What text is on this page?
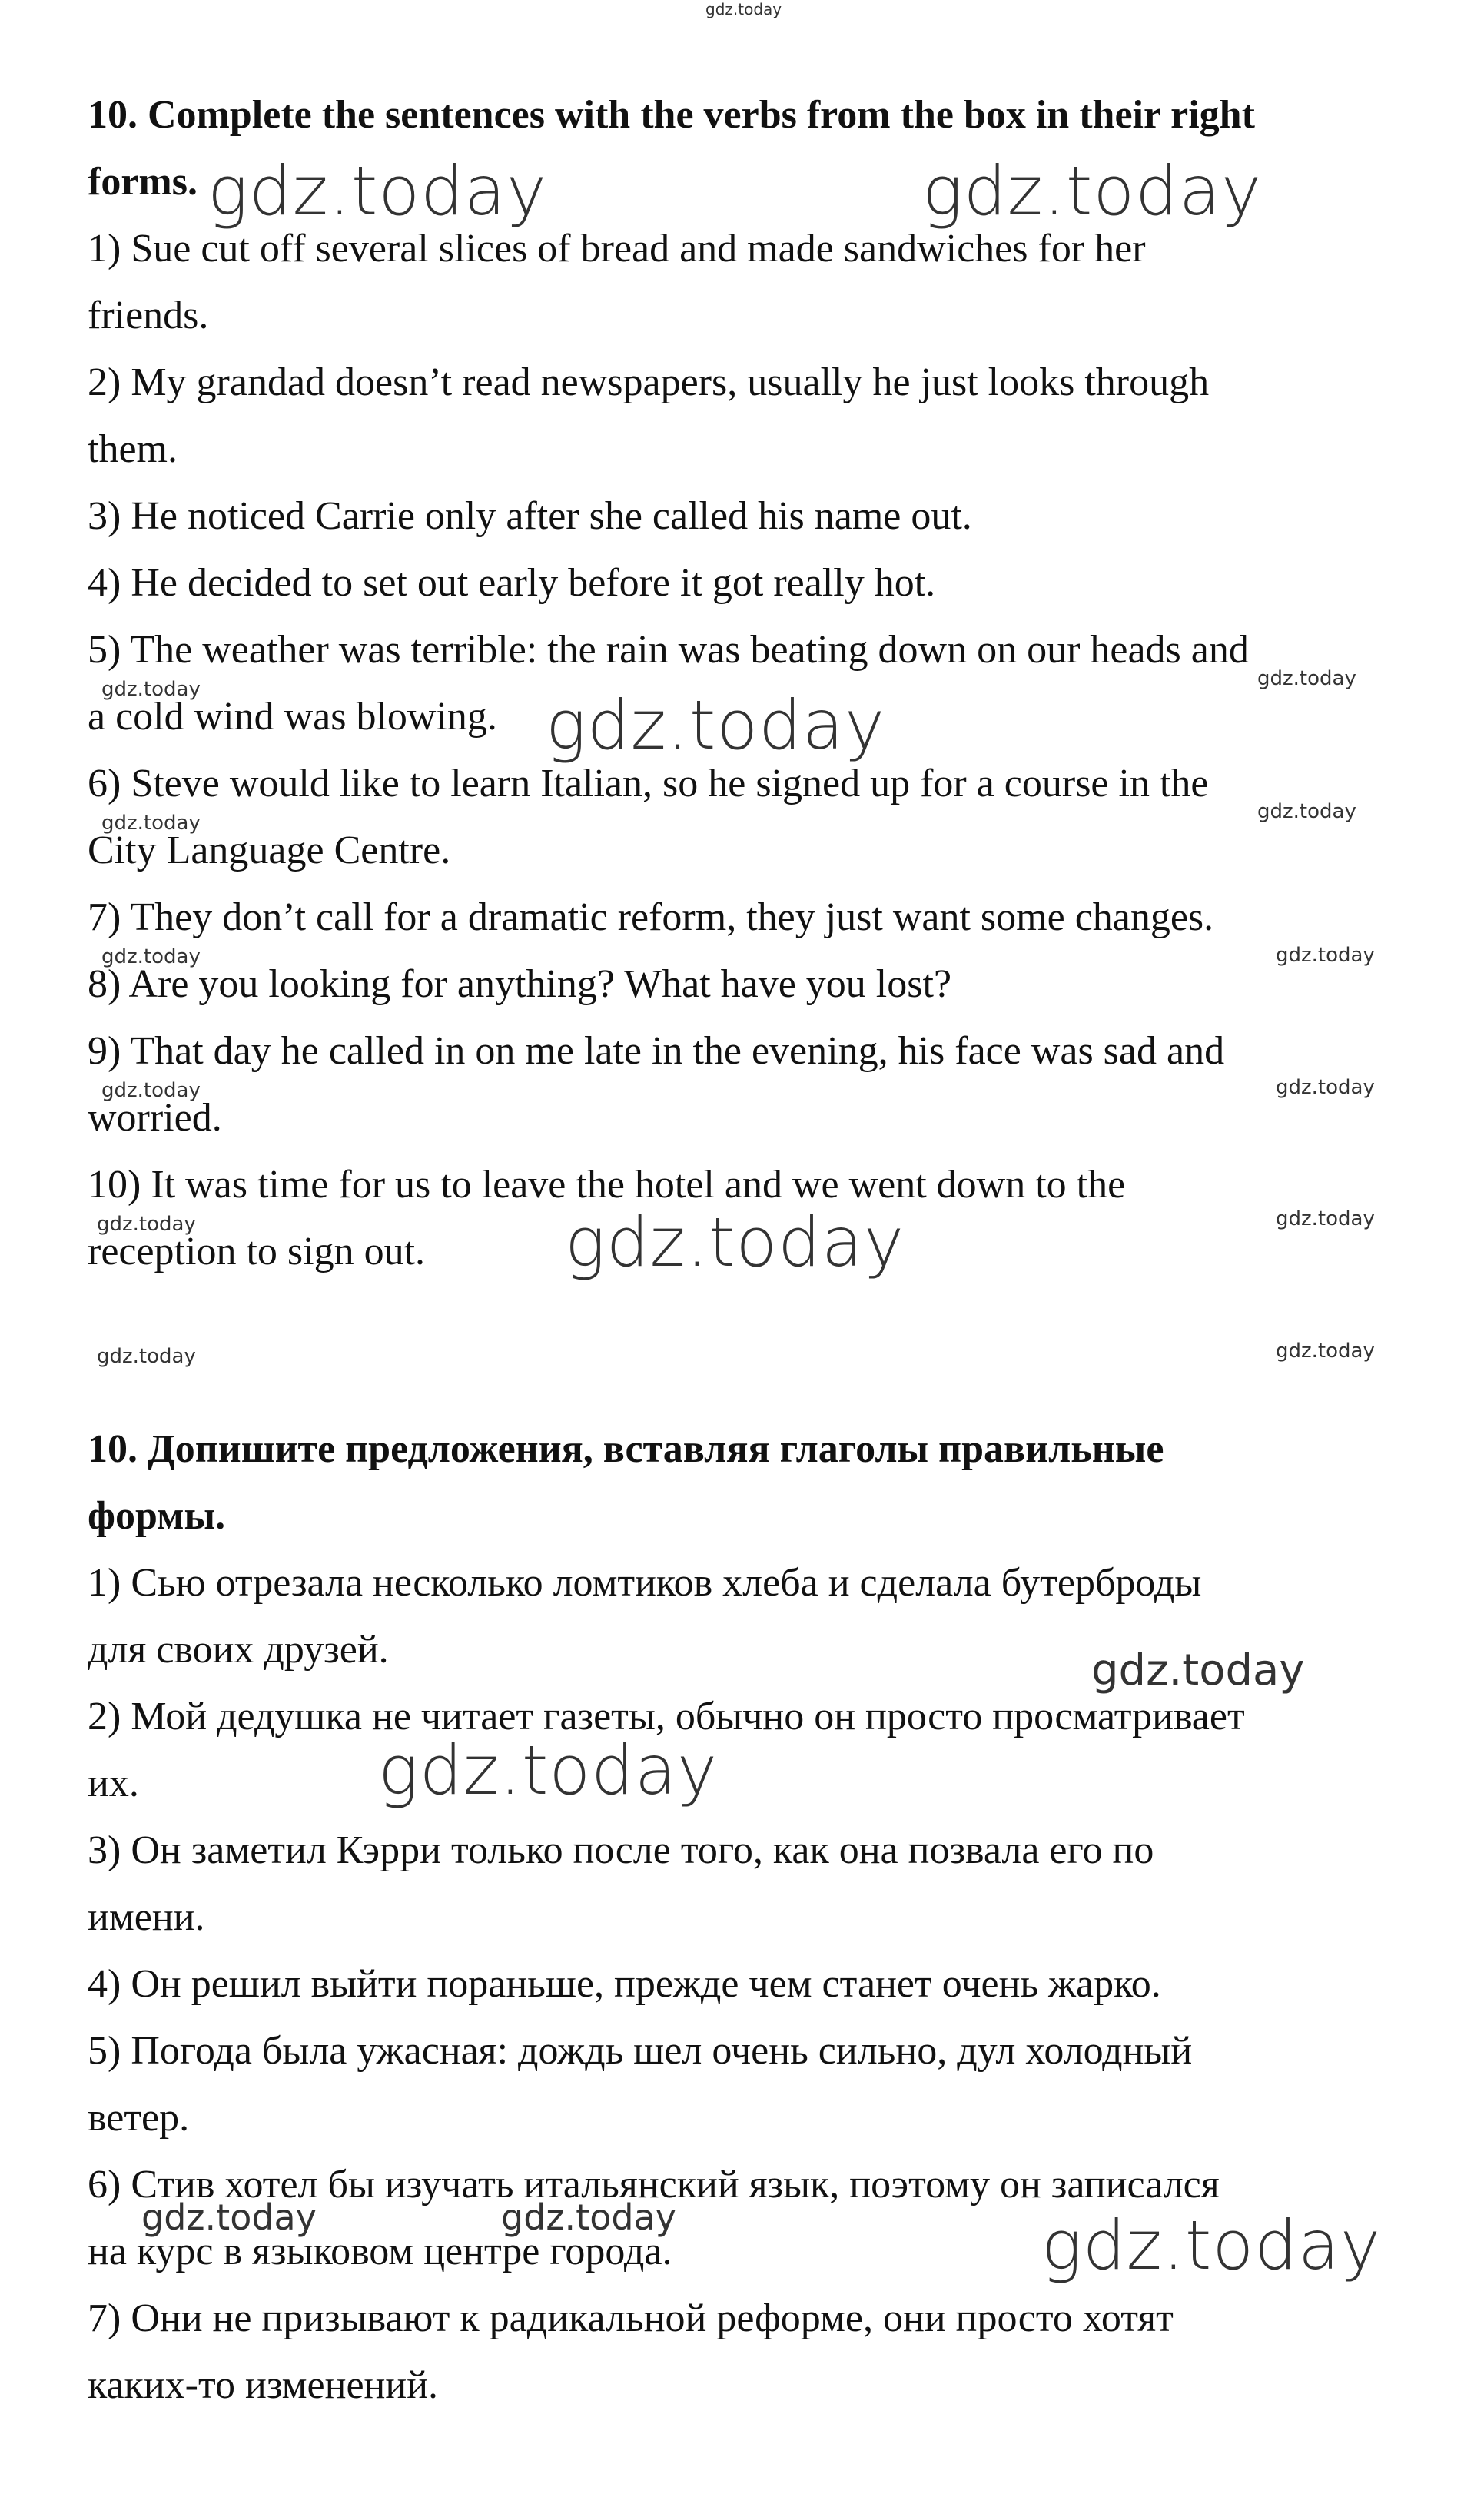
10. Complete the sentences with the verbs from the box in their right
forms.
1) Sue cut off several slices of bread and made sandwiches for her
friends.
2) My grandad doesn’t read newspapers, usually he just looks through
them.
3) He noticed Carrie only after she called his name out.
4) He decided to set out early before it got really hot.
5) The weather was terrible: the rain was beating down on our heads and
a cold wind was blowing.
6) Steve would like to learn Italian, so he signed up for a course in the
City Language Centre.
7) They don’t call for a dramatic reform, they just want some changes.
8) Are you looking for anything? What have you lost?
9) That day he called in on me late in the evening, his face was sad and
worried.
10) It was time for us to leave the hotel and we went down to the
reception to sign out.
10. Допишите предложения, вставляя глаголы правильные
формы.
1) Сью отрезала несколько ломтиков хлеба и сделала бутерброды
для своих друзей.
2) Мой дедушка не читает газеты, обычно он просто просматривает
их.
3) Он заметил Кэрри только после того, как она позвала его по
имени.
4) Он решил выйти пораньше, прежде чем станет очень жарко.
5) Погода была ужасная: дождь шел очень сильно, дул холодный
ветер.
6) Стив хотел бы изучать итальянский язык, поэтому он записался
на курс в языковом центре города.
7) Они не призывают к радикальной реформе, они просто хотят
каких-то изменений.
gdz.today
gdz.today	gdz.today
gdz.today	gdz.today
gdz.today
gdz.today	gdz.today
gdz.today	gdz.today
gdz.today	gdz.today
gdz.today	gdz.today
gdz.today
gdz.today	gdz.today
gdz.today
gdz.today
gdz.today	gdz.today	gdz.today
